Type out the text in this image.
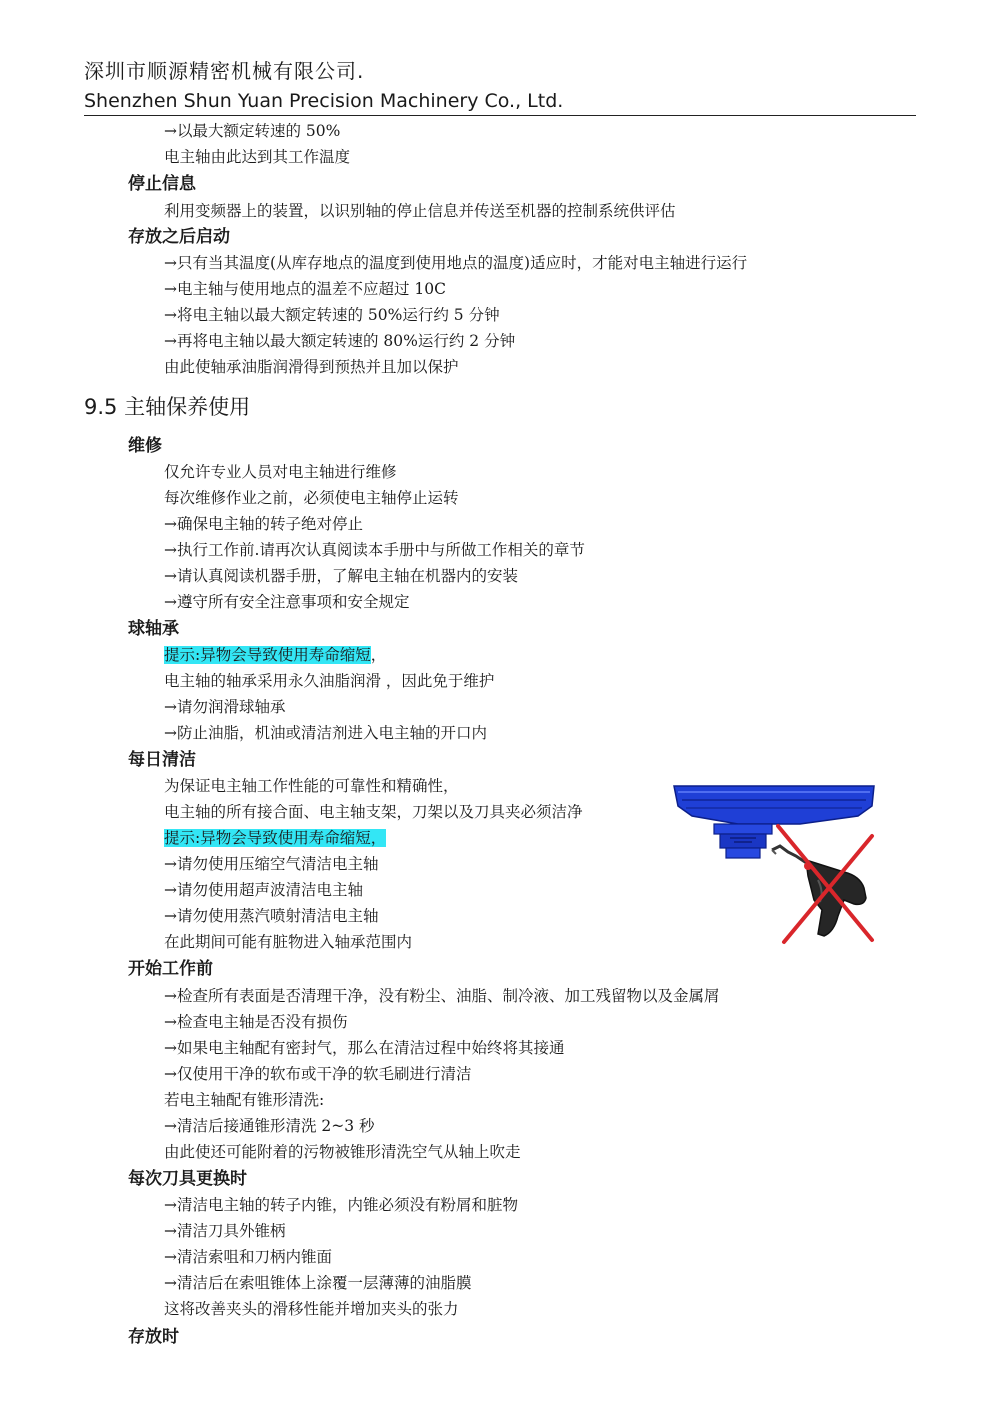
深圳市顺源精密机械有限公司.
Shenzhen Shun Yuan Precision Machinery Co., Ltd.
→以最大额定转速的 50%
电主轴由此达到其工作温度
停止信息
利用变频器上的装置，以识别轴的停止信息并传送至机器的控制系统供评估
存放之后启动
→只有当其温度(从库存地点的温度到使用地点的温度)适应时，才能对电主轴进行运行
→电主轴与使用地点的温差不应超过 10C
→将电主轴以最大额定转速的 50%运行约 5 分钟
→再将电主轴以最大额定转速的 80%运行约 2 分钟
由此使轴承油脂润滑得到预热并且加以保护
9.5 主轴保养使用
维修
仅允许专业人员对电主轴进行维修
每次维修作业之前，必须使电主轴停止运转
→确保电主轴的转子绝对停止
→执行工作前.请再次认真阅读本手册中与所做工作相关的章节
→请认真阅读机器手册，了解电主轴在机器内的安装
→遵守所有安全注意事项和安全规定
球轴承
提示:异物会导致使用寿命缩短，
电主轴的轴承采用永久油脂润滑 ，因此免于维护
→请勿润滑球轴承
→防止油脂，机油或清洁剂进入电主轴的开口内
每日清洁
为保证电主轴工作性能的可靠性和精确性，
电主轴的所有接合面、电主轴支架，刀架以及刀具夹必须洁净
提示:异物会导致使用寿命缩短，
→请勿使用压缩空气清洁电主轴
→请勿使用超声波清洁电主轴
→请勿使用蒸汽喷射清洁电主轴
在此期间可能有脏物进入轴承范围内
开始工作前
→检查所有表面是否清理干净，没有粉尘、油脂、制冷液、加工残留物以及金属屑
→检查电主轴是否没有损伤
→如果电主轴配有密封气，那么在清洁过程中始终将其接通
→仅使用干净的软布或干净的软毛刷进行清洁
若电主轴配有锥形清洗:
→清洁后接通锥形清洗 2~3 秒
由此使还可能附着的污物被锥形清洗空气从轴上吹走
每次刀具更换时
→清洁电主轴的转子内锥，内锥必须没有粉屑和脏物
→清洁刀具外锥柄
→清洁索咀和刀柄内锥面
→清洁后在索咀锥体上涂覆一层薄薄的油脂膜
这将改善夹头的滑移性能并增加夹头的张力
存放时
